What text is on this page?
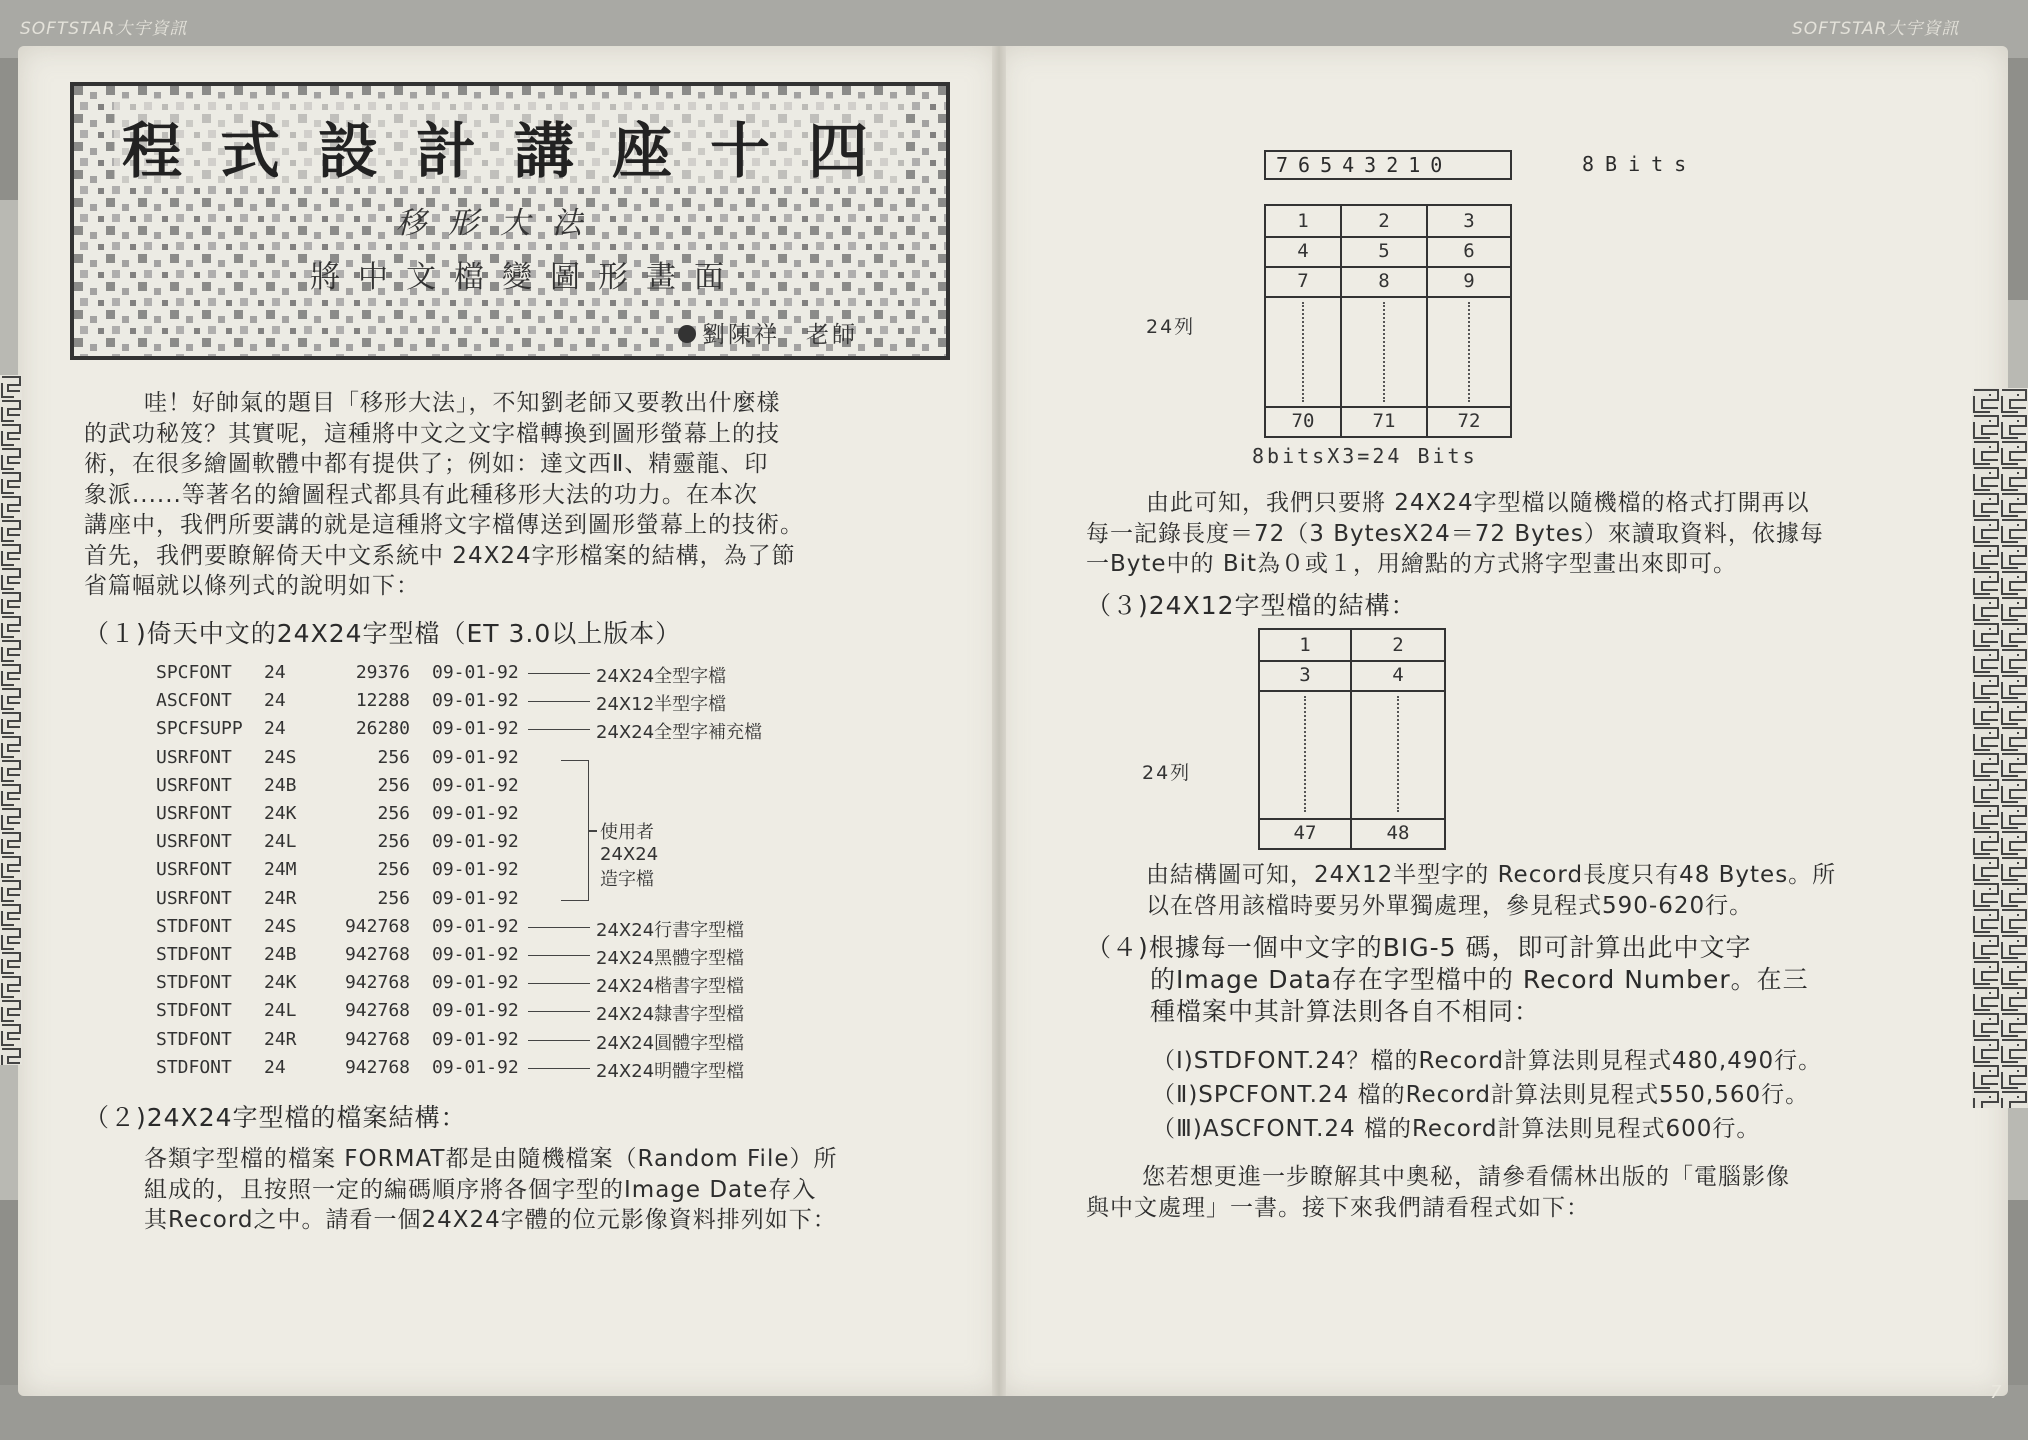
SOFTSTAR大宇資訊	SOFTSTAR大宇資訊
程式設計講座十四
移形大法
將中文檔變圖形畫面
劉陳祥　老師
哇！好帥氣的題目「移形大法」，不知劉老師又要教出什麼樣
的武功秘笈？其實呢，這種將中文之文字檔轉換到圖形螢幕上的技
術，在很多繪圖軟體中都有提供了；例如：達文西Ⅱ、精靈龍、印
象派......等著名的繪圖程式都具有此種移形大法的功力。在本次
講座中，我們所要講的就是這種將文字檔傳送到圖形螢幕上的技術。
首先，我們要瞭解倚天中文系統中 24X24字形檔案的結構，為了節
省篇幅就以條列式的說明如下：
（１)倚天中文的24X24字型檔（ET 3.0以上版本）
SPCFONT 24	29376 09-01-92	24X24全型字檔
ASCFONT 24	12288 09-01-92	24X12半型字檔
SPCFSUPP 24	26280 09-01-92	24X24全型字補充檔
USRFONT 24S	256 09-01-92
USRFONT 24B	256 09-01-92
USRFONT 24K	256 09-01-92
USRFONT 24L	256 09-01-92
USRFONT 24M	256 09-01-92
USRFONT 24R	256 09-01-92
STDFONT 24S	942768 09-01-92	24X24行書字型檔
STDFONT 24B	942768 09-01-92	24X24黑體字型檔
STDFONT 24K	942768 09-01-92	24X24楷書字型檔
STDFONT 24L	942768 09-01-92	24X24隸書字型檔
STDFONT 24R	942768 09-01-92	24X24圓體字型檔
STDFONT 24	942768 09-01-92	24X24明體字型檔
使用者24X24造字檔
（２)24X24字型檔的檔案結構：
各類字型檔的檔案 FORMAT都是由隨機檔案（Random File）所
組成的，且按照一定的編碼順序將各個字型的Image Date存入
其Record之中。請看一個24X24字體的位元影像資料排列如下：
76543210	8Bits
1	2	3
4	5	6
7	8	9
70	71	72
24列
8bitsX3=24 Bits
由此可知，我們只要將 24X24字型檔以隨機檔的格式打開再以
每一記錄長度＝72（3 BytesX24＝72 Bytes）來讀取資料，依據每
一Byte中的 Bit為０或１，用繪點的方式將字型畫出來即可。
（３)24X12字型檔的結構：
1	2
3	4
47	48
24列
由結構圖可知，24X12半型字的 Record長度只有48 Bytes。所
以在啓用該檔時要另外單獨處理，參見程式590-620行。
（４)根據每一個中文字的BIG-5 碼，即可計算出此中文字
的Image Data存在字型檔中的 Record Number。在三
種檔案中其計算法則各自不相同：
（Ⅰ)STDFONT.24？檔的Record計算法則見程式480,490行。
（Ⅱ)SPCFONT.24 檔的Record計算法則見程式550,560行。
（Ⅲ)ASCFONT.24 檔的Record計算法則見程式600行。
您若想更進一步瞭解其中奧秘，請參看儒林出版的「電腦影像
與中文處理」一書。接下來我們請看程式如下：
7
